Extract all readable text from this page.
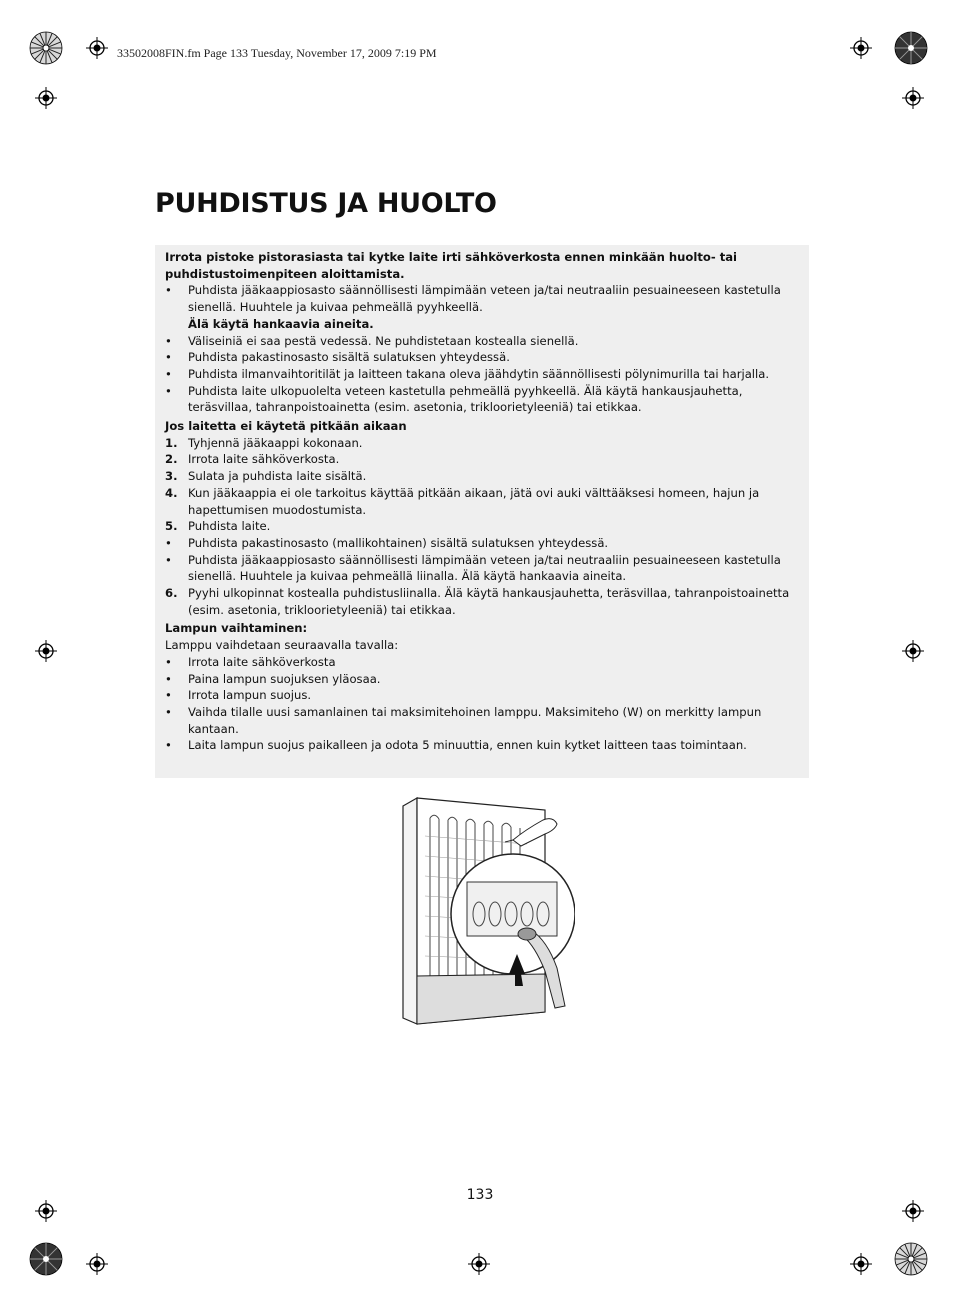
33502008FIN.fm Page 133 Tuesday, November 17, 2009 7:19 PM
PUHDISTUS JA HUOLTO

Irrota pistoke pistorasiasta tai kytke laite irti sähköverkosta ennen minkään huolto- tai puhdistustoimenpiteen aloittamista.

•	Puhdista jääkaappiosasto säännöllisesti lämpimään veteen ja/tai neutraaliin pesuaineeseen kastetulla sienellä. Huuhtele ja kuivaa pehmeällä pyyhkeellä.
Älä käytä hankaavia aineita.

•	Väliseiniä ei saa pestä vedessä. Ne puhdistetaan kostealla sienellä.

•	Puhdista pakastinosasto sisältä sulatuksen yhteydessä.

•	Puhdista ilmanvaihtoritilät ja laitteen takana oleva jäähdytin säännöllisesti pölynimurilla tai harjalla.

•	Puhdista laite ulkopuolelta veteen kastetulla pehmeällä pyyhkeellä. Älä käytä hankausjauhetta, teräsvillaa, tahranpoistoainetta (esim. asetonia, trikloorietyleeniä) tai etikkaa.

Jos laitetta ei käytetä pitkään aikaan

1. Tyhjennä jääkaappi kokonaan.

2. Irrota laite sähköverkosta.

3. Sulata ja puhdista laite sisältä.

4. Kun jääkaappia ei ole tarkoitus käyttää pitkään aikaan, jätä ovi auki välttääksesi homeen, hajun ja hapettumisen muodostumista.

5. Puhdista laite.

•	Puhdista pakastinosasto (mallikohtainen) sisältä sulatuksen yhteydessä.

•	Puhdista jääkaappiosasto säännöllisesti lämpimään veteen ja/tai neutraaliin pesuaineeseen kastetulla sienellä. Huuhtele ja kuivaa pehmeällä liinalla. Älä käytä hankaavia aineita.

6. Pyyhi ulkopinnat kostealla puhdistusliinalla. Älä käytä hankausjauhetta, teräsvillaa, tahranpoistoainetta (esim. asetonia, trikloorietyleeniä) tai etikkaa.

Lampun vaihtaminen:

Lamppu vaihdetaan seuraavalla tavalla:

•	Irrota laite sähköverkosta

•	Paina lampun suojuksen yläosaa.

•	Irrota lampun suojus.

•	Vaihda tilalle uusi samanlainen tai maksimitehoinen lamppu. Maksimiteho (W) on merkitty lampun kantaan.

•	Laita lampun suojus paikalleen ja odota 5 minuuttia, ennen kuin kytket laitteen taas toimintaan.

133
